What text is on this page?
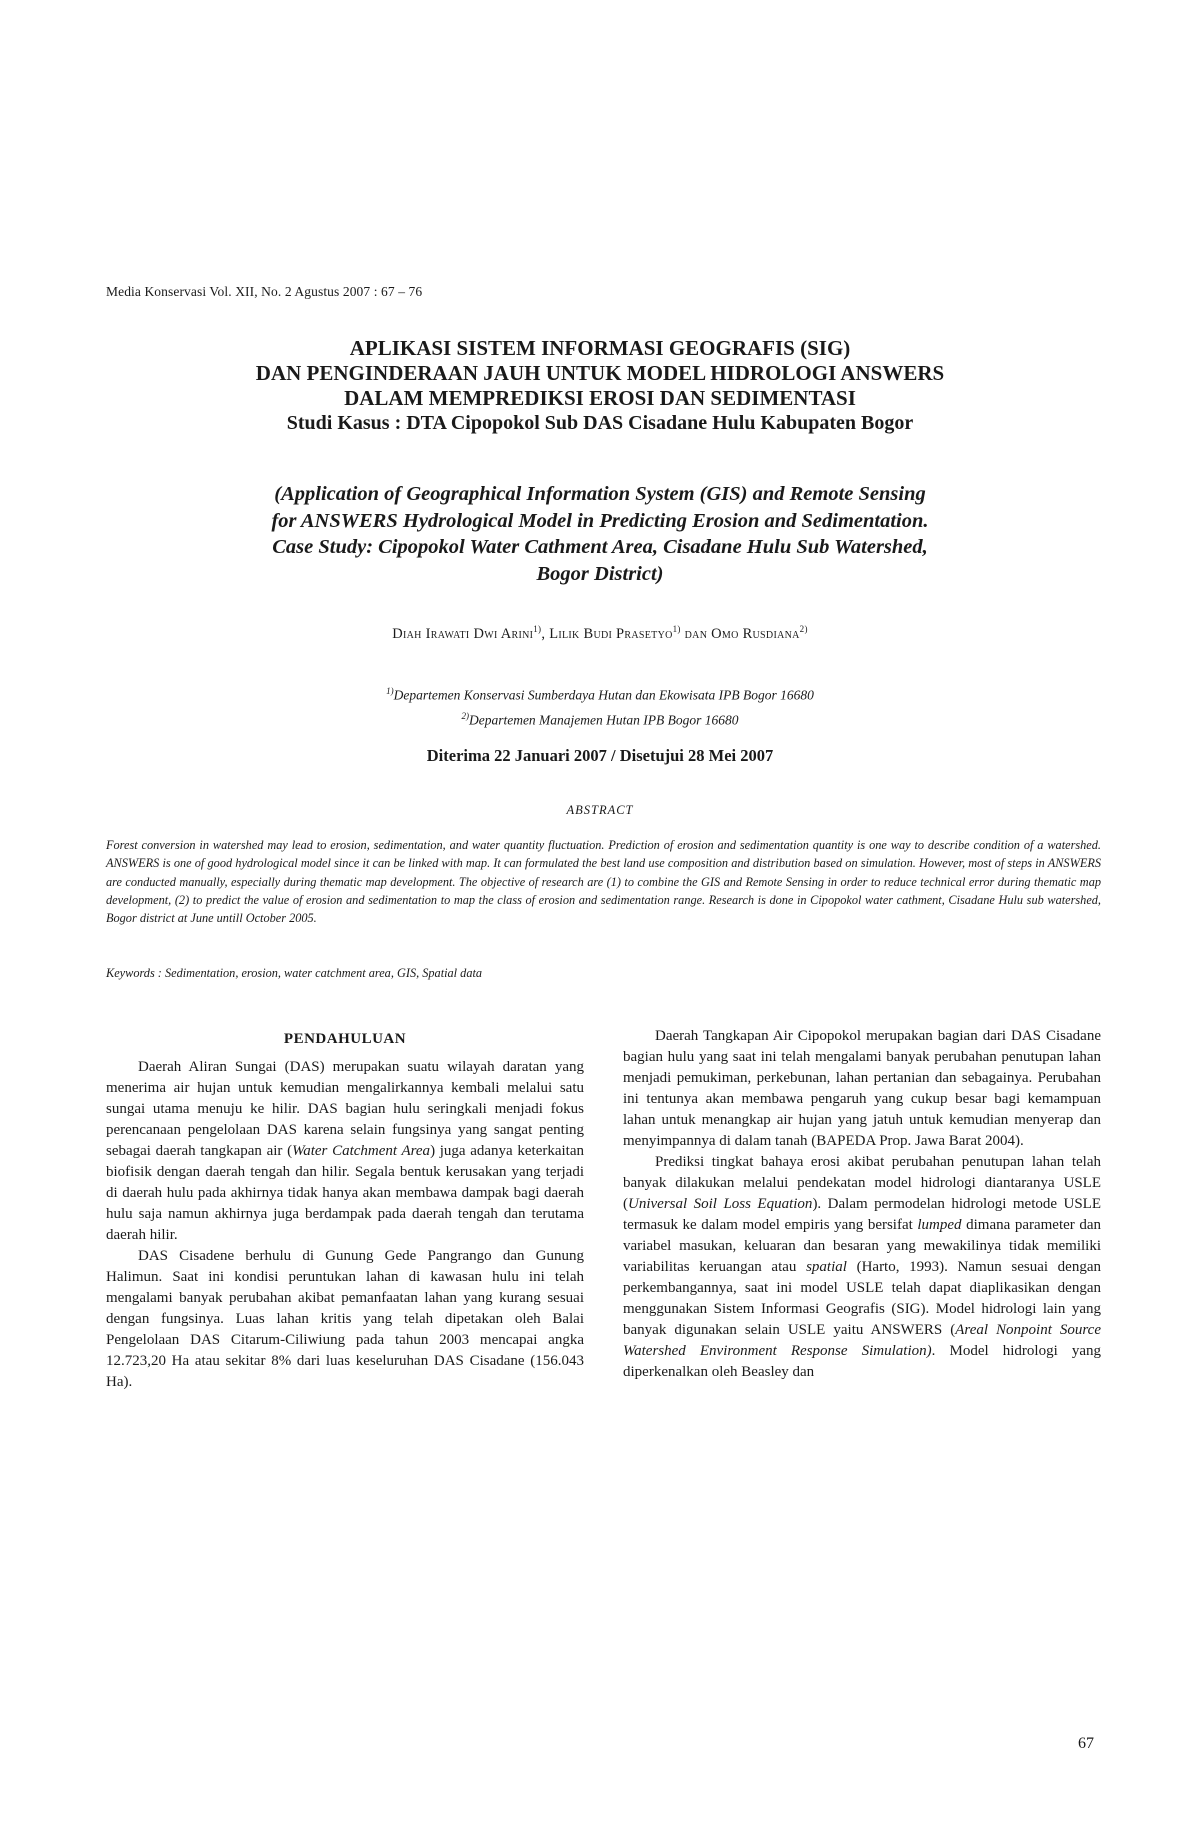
Media Konservasi Vol. XII, No. 2 Agustus 2007 : 67 – 76
APLIKASI SISTEM INFORMASI GEOGRAFIS (SIG)
DAN PENGINDERAAN JAUH UNTUK MODEL HIDROLOGI ANSWERS
DALAM MEMPREDIKSI EROSI DAN SEDIMENTASI
Studi Kasus : DTA Cipopokol Sub DAS Cisadane Hulu Kabupaten Bogor
(Application of Geographical Information System (GIS) and Remote Sensing
for ANSWERS Hydrological Model in Predicting Erosion and Sedimentation.
Case Study: Cipopokol Water Cathment Area, Cisadane Hulu Sub Watershed,
Bogor District)
Diah Irawati Dwi Arini$^{1)}$, Lilik Budi Prasetyo$^{1)}$ dan Omo Rusdiana$^{2)}$
$^{1)}$Departemen Konservasi Sumberdaya Hutan dan Ekowisata IPB Bogor 16680
$^{2)}$Departemen Manajemen Hutan IPB Bogor 16680
Diterima 22 Januari 2007 / Disetujui 28 Mei 2007
ABSTRACT
Forest conversion in watershed may lead to erosion, sedimentation, and water quantity fluctuation. Prediction of erosion and sedimentation quantity is one way to describe condition of a watershed. ANSWERS is one of good hydrological model since it can be linked with map. It can formulated the best land use composition and distribution based on simulation. However, most of steps in ANSWERS are conducted manually, especially during thematic map development. The objective of research are (1) to combine the GIS and Remote Sensing in order to reduce technical error during thematic map development, (2) to predict the value of erosion and sedimentation to map the class of erosion and sedimentation range. Research is done in Cipopokol water cathment, Cisadane Hulu sub watershed, Bogor district at June untill October 2005.
Keywords : Sedimentation, erosion, water catchment area, GIS, Spatial data
PENDAHULUAN

Daerah Aliran Sungai (DAS) merupakan suatu wilayah daratan yang menerima air hujan untuk kemudian mengalirkannya kembali melalui satu sungai utama menuju ke hilir. DAS bagian hulu seringkali menjadi fokus perencanaan pengelolaan DAS karena selain fungsinya yang sangat penting sebagai daerah tangkapan air (Water Catchment Area) juga adanya keterkaitan biofisik dengan daerah tengah dan hilir. Segala bentuk kerusakan yang terjadi di daerah hulu pada akhirnya tidak hanya akan membawa dampak bagi daerah hulu saja namun akhirnya juga berdampak pada daerah tengah dan terutama daerah hilir.

DAS Cisadene berhulu di Gunung Gede Pangrango dan Gunung Halimun. Saat ini kondisi peruntukan lahan di kawasan hulu ini telah mengalami banyak perubahan akibat pemanfaatan lahan yang kurang sesuai dengan fungsinya. Luas lahan kritis yang telah dipetakan oleh Balai Pengelolaan DAS Citarum-Ciliwiung pada tahun 2003 mencapai angka 12.723,20 Ha atau sekitar 8% dari luas keseluruhan DAS Cisadane (156.043 Ha).

Daerah Tangkapan Air Cipopokol merupakan bagian dari DAS Cisadane bagian hulu yang saat ini telah mengalami banyak perubahan penutupan lahan menjadi pemukiman, perkebunan, lahan pertanian dan sebagainya. Perubahan ini tentunya akan membawa pengaruh yang cukup besar bagi kemampuan lahan untuk menangkap air hujan yang jatuh untuk kemudian menyerap dan menyimpannya di dalam tanah (BAPEDA Prop. Jawa Barat 2004).

Prediksi tingkat bahaya erosi akibat perubahan penutupan lahan telah banyak dilakukan melalui pendekatan model hidrologi diantaranya USLE (Universal Soil Loss Equation). Dalam permodelan hidrologi metode USLE termasuk ke dalam model empiris yang bersifat lumped dimana parameter dan variabel masukan, keluaran dan besaran yang mewakilinya tidak memiliki variabilitas keruangan atau spatial (Harto, 1993). Namun sesuai dengan perkembangannya, saat ini model USLE telah dapat diaplikasikan dengan menggunakan Sistem Informasi Geografis (SIG). Model hidrologi lain yang banyak digunakan selain USLE yaitu ANSWERS (Areal Nonpoint Source Watershed Environment Response Simulation). Model hidrologi yang diperkenalkan oleh Beasley dan

67
